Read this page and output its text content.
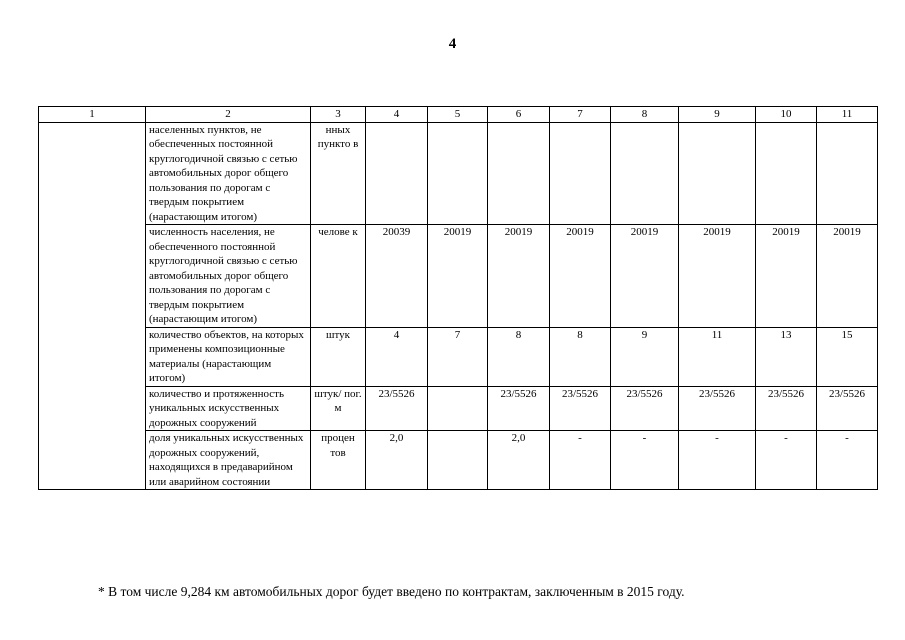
4
1	2	3	4	5	6	7	8	9	10	11
	населенных пунктов, не обеспеченных постоянной круглогодичной связью с сетью автомобильных дорог общего пользования по дорогам с твердым покрытием (нарастающим итогом)	нных пункто в								
	численность населения, не обеспеченного постоянной круглогодичной связью с сетью автомобильных дорог общего пользования по дорогам с твердым покрытием (нарастающим итогом)	челове к	20039	20019	20019	20019	20019	20019	20019	20019
	количество объектов, на которых применены композиционные материалы (нарастающим итогом)	штук	4	7	8	8	9	11	13	15
	количество и протяженность уникальных искусственных дорожных сооружений	штук/ пог. м	23/5526		23/5526	23/5526	23/5526	23/5526	23/5526	23/5526
	доля уникальных искусственных дорожных сооружений, находящихся в предаварийном или аварийном состоянии	процен тов	2,0		2,0	-	-	-	-	-
* В том числе 9,284 км автомобильных дорог будет введено по контрактам, заключенным в 2015 году.
